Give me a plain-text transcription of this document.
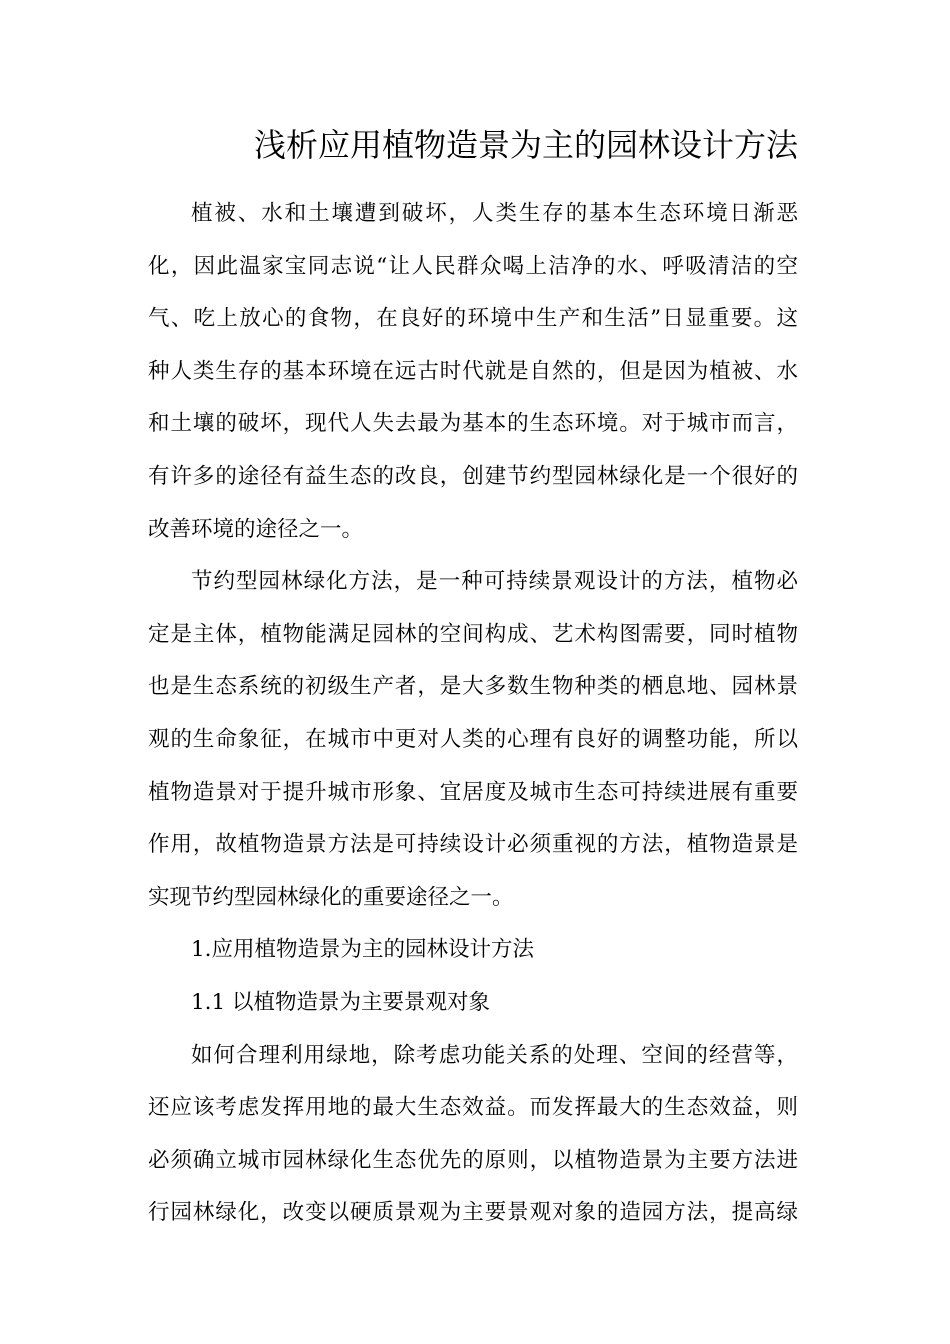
浅析应用植物造景为主的园林设计方法
植被、水和土壤遭到破坏，人类生存的基本生态环境日渐恶
化，因此温家宝同志说“让人民群众喝上洁净的水、呼吸清洁的空
气、吃上放心的食物，在良好的环境中生产和生活”日显重要。这
种人类生存的基本环境在远古时代就是自然的，但是因为植被、水
和土壤的破坏，现代人失去最为基本的生态环境。对于城市而言，
有许多的途径有益生态的改良，创建节约型园林绿化是一个很好的
改善环境的途径之一。
节约型园林绿化方法，是一种可持续景观设计的方法，植物必
定是主体，植物能满足园林的空间构成、艺术构图需要，同时植物
也是生态系统的初级生产者，是大多数生物种类的栖息地、园林景
观的生命象征，在城市中更对人类的心理有良好的调整功能，所以
植物造景对于提升城市形象、宜居度及城市生态可持续进展有重要
作用，故植物造景方法是可持续设计必须重视的方法，植物造景是
实现节约型园林绿化的重要途径之一。
1.应用植物造景为主的园林设计方法
1.1 以植物造景为主要景观对象
如何合理利用绿地，除考虑功能关系的处理、空间的经营等，
还应该考虑发挥用地的最大生态效益。而发挥最大的生态效益，则
必须确立城市园林绿化生态优先的原则，以植物造景为主要方法进
行园林绿化，改变以硬质景观为主要景观对象的造园方法，提高绿
